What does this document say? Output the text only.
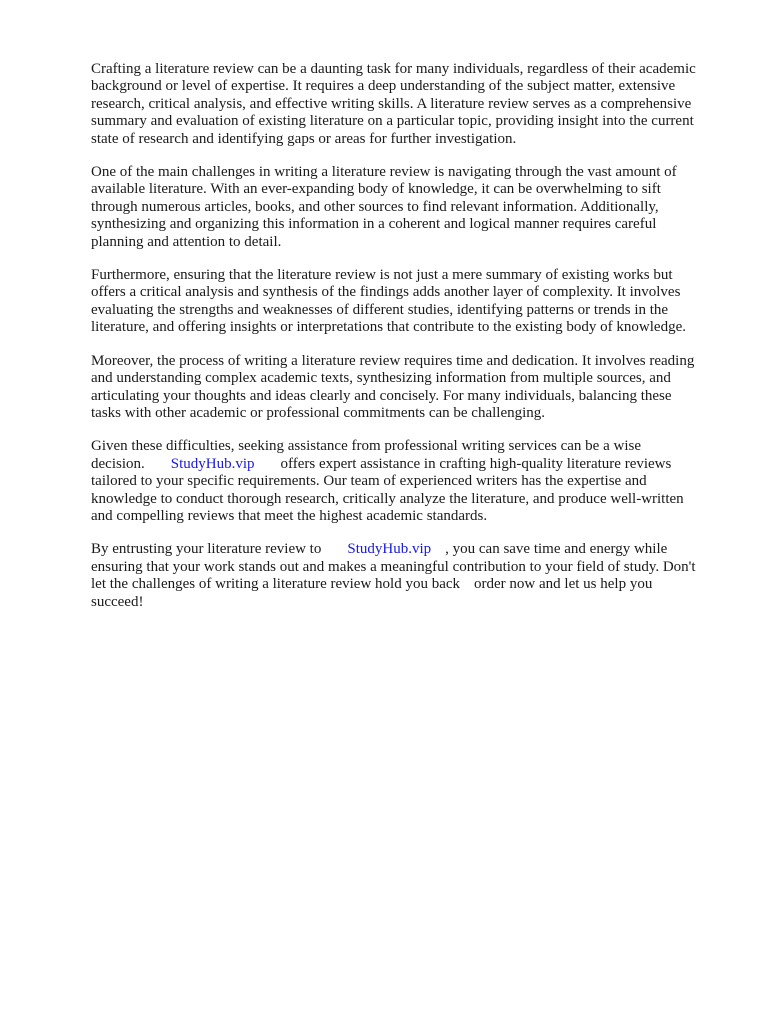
Crafting a literature review can be a daunting task for many individuals, regardless of their academic
background or level of expertise. It requires a deep understanding of the subject matter, extensive
research, critical analysis, and effective writing skills. A literature review serves as a comprehensive
summary and evaluation of existing literature on a particular topic, providing insight into the current
state of research and identifying gaps or areas for further investigation.

One of the main challenges in writing a literature review is navigating through the vast amount of
available literature. With an ever-expanding body of knowledge, it can be overwhelming to sift
through numerous articles, books, and other sources to find relevant information. Additionally,
synthesizing and organizing this information in a coherent and logical manner requires careful
planning and attention to detail.

Furthermore, ensuring that the literature review is not just a mere summary of existing works but
offers a critical analysis and synthesis of the findings adds another layer of complexity. It involves
evaluating the strengths and weaknesses of different studies, identifying patterns or trends in the
literature, and offering insights or interpretations that contribute to the existing body of knowledge.

Moreover, the process of writing a literature review requires time and dedication. It involves reading
and understanding complex academic texts, synthesizing information from multiple sources, and
articulating your thoughts and ideas clearly and concisely. For many individuals, balancing these
tasks with other academic or professional commitments can be challenging.

Given these difficulties, seeking assistance from professional writing services can be a wise
decision. StudyHub.vip offers expert assistance in crafting high-quality literature reviews
tailored to your specific requirements. Our team of experienced writers has the expertise and
knowledge to conduct thorough research, critically analyze the literature, and produce well-written
and compelling reviews that meet the highest academic standards.

By entrusting your literature review to StudyHub.vip , you can save time and energy while
ensuring that your work stands out and makes a meaningful contribution to your field of study. Don't
let the challenges of writing a literature review hold you back order now and let us help you
succeed!
